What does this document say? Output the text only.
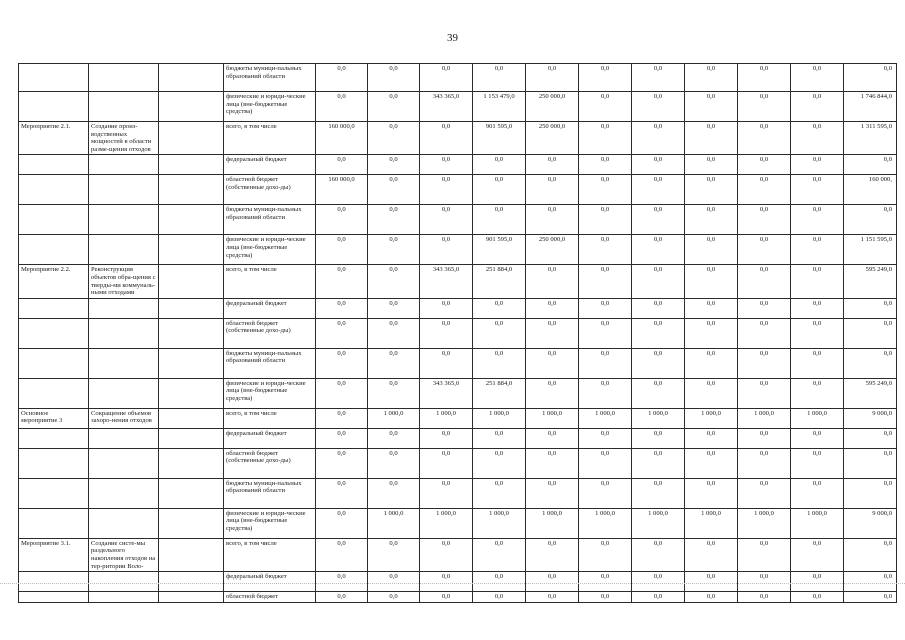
39
			бюджеты муници-пальных образований области	0,0	0,0	0,0	0,0	0,0	0,0	0,0	0,0	0,0	0,0	0,0
			физические и юриди-ческие лица (вне-бюджетные средства)	0,0	0,0	343 365,0	1 153 479,0	250 000,0	0,0	0,0	0,0	0,0	0,0	1 746 844,0
Мероприятие 2.1.	Создание произ-водственных мощностей в области разме-щения отходов		всего, в том числе	160 000,0	0,0	0,0	901 595,0	250 000,0	0,0	0,0	0,0	0,0	0,0	1 311 595,0
			федеральный бюджет	0,0	0,0	0,0	0,0	0,0	0,0	0,0	0,0	0,0	0,0	0,0
			областной бюджет (собственные дохо-ды)	160 000,0	0,0	0,0	0,0	0,0	0,0	0,0	0,0	0,0	0,0	160 000,
			бюджеты муници-пальных образований области	0,0	0,0	0,0	0,0	0,0	0,0	0,0	0,0	0,0	0,0	0,0
			физические и юриди-ческие лица (вне-бюджетные средства)	0,0	0,0	0,0	901 595,0	250 000,0	0,0	0,0	0,0	0,0	0,0	1 151 595,0
Мероприятие 2.2.	Реконструкция объектов обра-щения с тверды-ми коммуналь-ными отходами		всего, в том числе	0,0	0,0	343 365,0	251 884,0	0,0	0,0	0,0	0,0	0,0	0,0	595 249,0
			федеральный бюджет	0,0	0,0	0,0	0,0	0,0	0,0	0,0	0,0	0,0	0,0	0,0
			областной бюджет (собственные дохо-ды)	0,0	0,0	0,0	0,0	0,0	0,0	0,0	0,0	0,0	0,0	0,0
			бюджеты муници-пальных образований области	0,0	0,0	0,0	0,0	0,0	0,0	0,0	0,0	0,0	0,0	0,0
			физические и юриди-ческие лица (вне-бюджетные средства)	0,0	0,0	343 365,0	251 884,0	0,0	0,0	0,0	0,0	0,0	0,0	595 249,0
Основное мероприятие 3	Сокращение объемов захоро-нения отходов		всего, в том числе	0,0	1 000,0	1 000,0	1 000,0	1 000,0	1 000,0	1 000,0	1 000,0	1 000,0	1 000,0	9 000,0
			федеральный бюджет	0,0	0,0	0,0	0,0	0,0	0,0	0,0	0,0	0,0	0,0	0,0
			областной бюджет (собственные дохо-ды)	0,0	0,0	0,0	0,0	0,0	0,0	0,0	0,0	0,0	0,0	0,0
			бюджеты муници-пальных образований области	0,0	0,0	0,0	0,0	0,0	0,0	0,0	0,0	0,0	0,0	0,0
			физические и юриди-ческие лица (вне-бюджетные средства)	0,0	1 000,0	1 000,0	1 000,0	1 000,0	1 000,0	1 000,0	1 000,0	1 000,0	1 000,0	9 000,0
Мероприятие 3.1.	Создание систе-мы раздельного накопления отходов на тер-ритории Воло-		всего, в том числе	0,0	0,0	0,0	0,0	0,0	0,0	0,0	0,0	0,0	0,0	0,0
			федеральный бюджет	0,0	0,0	0,0	0,0	0,0	0,0	0,0	0,0	0,0	0,0	0,0
			областной бюджет	0,0	0,0	0,0	0,0	0,0	0,0	0,0	0,0	0,0	0,0	0,0
